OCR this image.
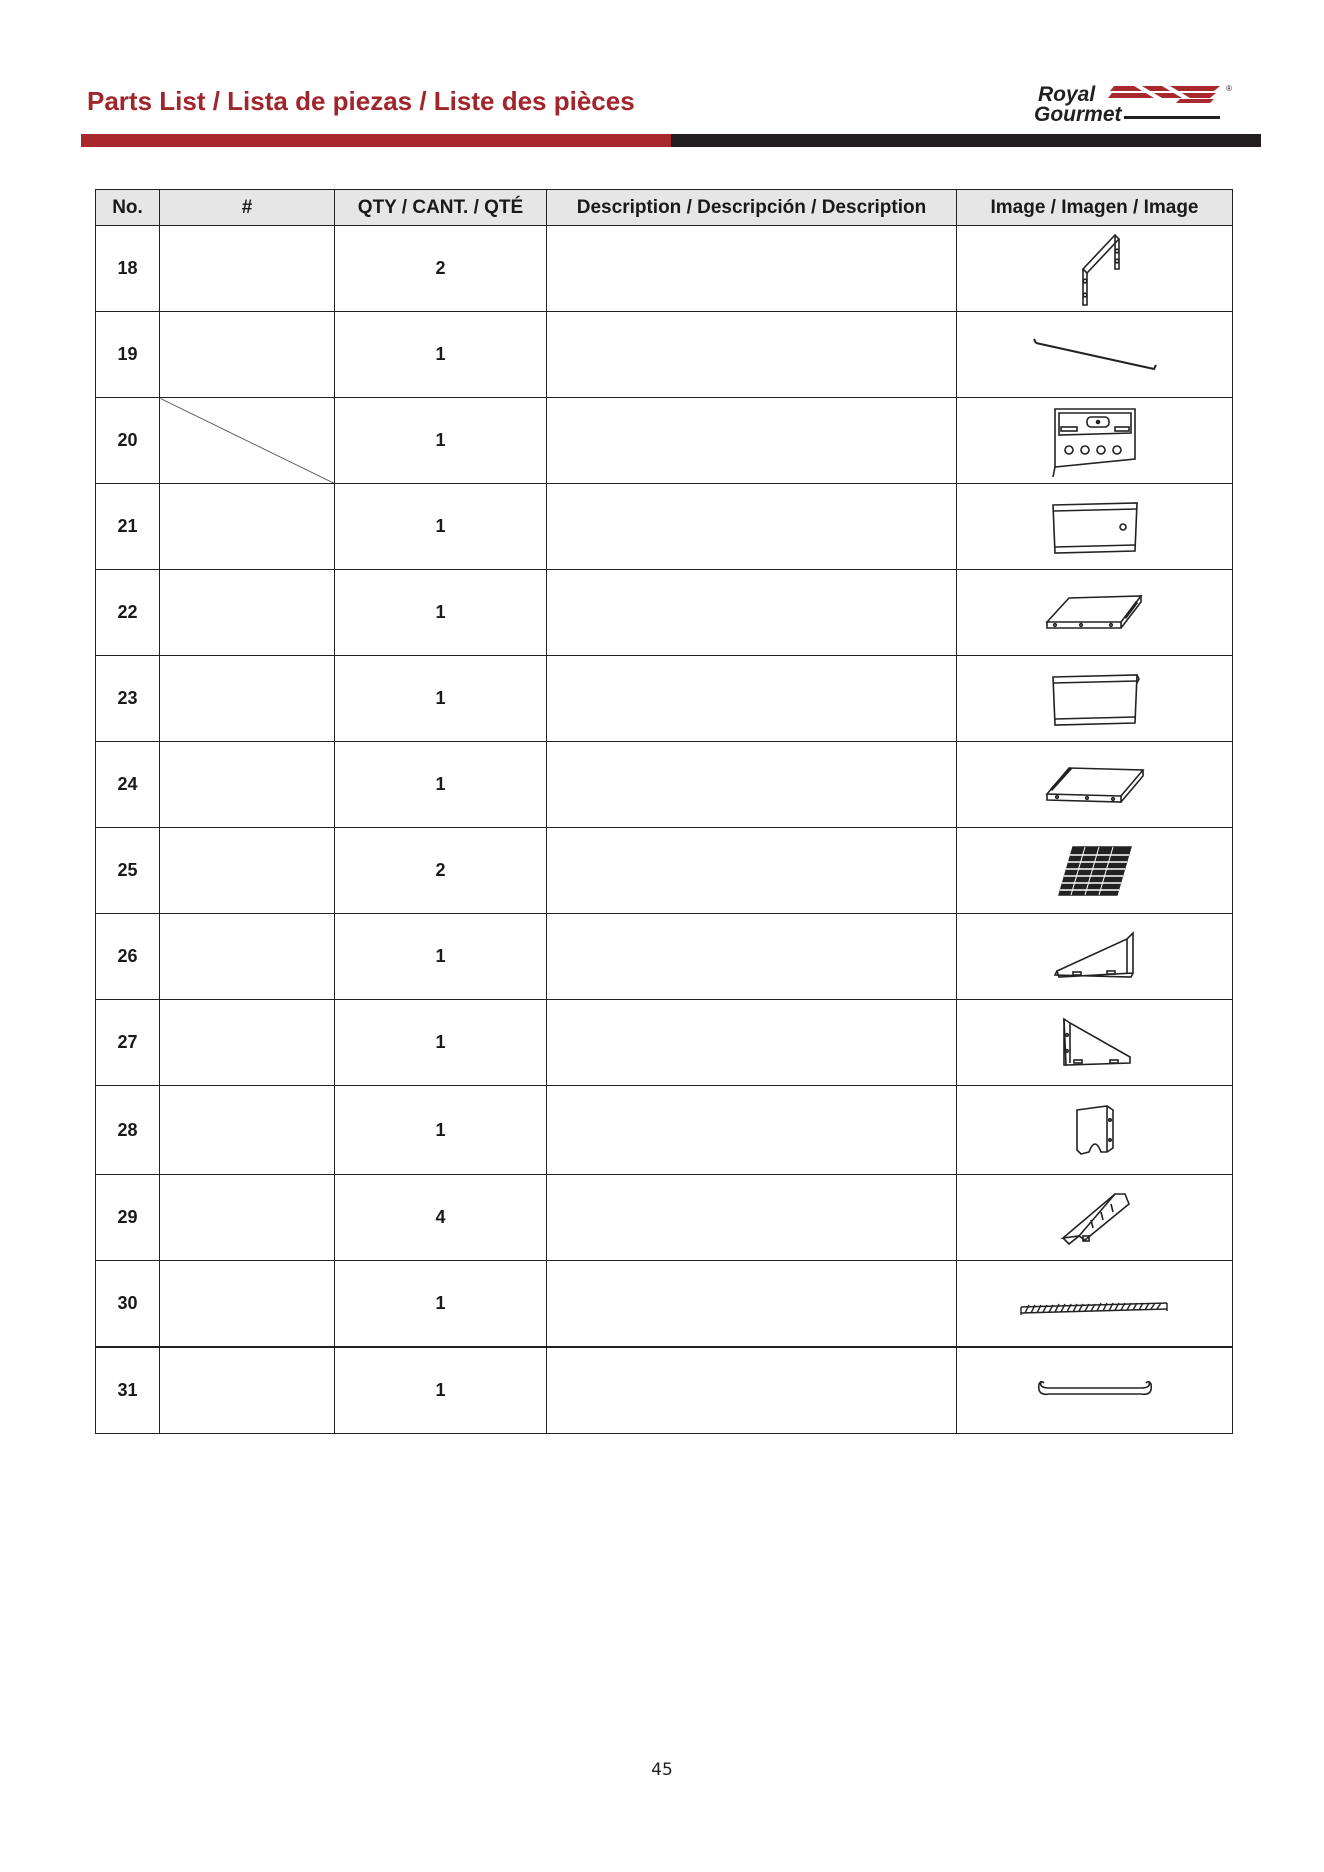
Parts List / Lista de piezas / Liste des pièces	Royal
Gourmet
®
No.	#	QTY / CANT. / QTÉ	Description / Descripción / Description	Image / Imagen / Image
18		2		

19		1		

20		1		

21		1		

22		1		

23		1		

24		1		

25		2		

26		1		

27		1		

28		1		

29		4		

30		1		

31		1		
45
